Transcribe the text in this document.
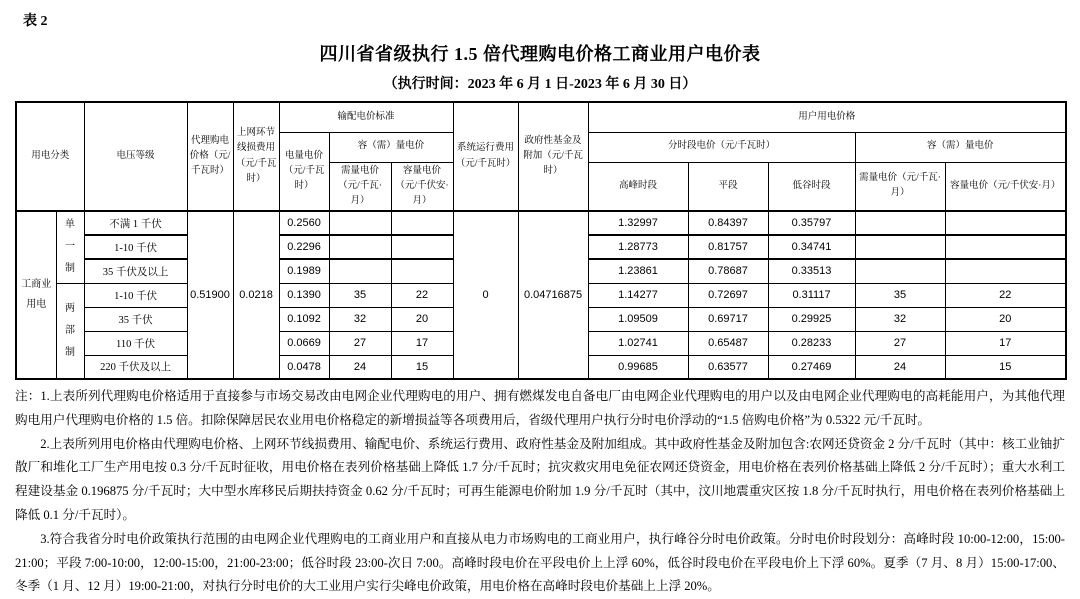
表 2
四川省省级执行 1.5 倍代理购电价格工商业用户电价表
（执行时间：2023 年 6 月 1 日-2023 年 6 月 30 日）
用电分类		电压等级	代理购电价格（元/千瓦时）	上网环节线损费用（元/千瓦时）	输配电价标准			系统运行费用（元/千瓦时）	政府性基金及附加（元/千瓦时）	用户用电价格				
					电量电价（元/千瓦时）	容（需）量电价				分时段电价（元/千瓦时）			容（需）量电价	
						需量电价（元/千瓦·月）	容量电价（元/千伏安·月）			高峰时段	平段	低谷时段	需量电价（元/千瓦·月）	容量电价（元/千伏安·月）
工商业用电	单一制	不满 1 千伏	0.51900	0.0218	0.2560			0	0.04716875	1.32997	0.84397	0.35797		
		1-10 千伏			0.2296					1.28773	0.81757	0.34741		
		35 千伏及以上			0.1989					1.23861	0.78687	0.33513		
	两部制	1-10 千伏			0.1390	35	22			1.14277	0.72697	0.31117	35	22
		35 千伏			0.1092	32	20			1.09509	0.69717	0.29925	32	20
		110 千伏			0.0669	27	17			1.02741	0.65487	0.28233	27	17
		220 千伏及以上			0.0478	24	15			0.99685	0.63577	0.27469	24	15

注：1.上表所列代理购电价格适用于直接参与市场交易改由电网企业代理购电的用户、拥有燃煤发电自备电厂由电网企业代理购电的用户以及由电网企业代理购电的高耗能用户，为其他代理购电用户代理购电价格的 1.5 倍。扣除保障居民农业用电价格稳定的新增损益等各项费用后，省级代理用户执行分时电价浮动的“1.5 倍购电价格”为 0.5322 元/千瓦时。

2.上表所列用电价格由代理购电价格、上网环节线损费用、输配电价、系统运行费用、政府性基金及附加组成。其中政府性基金及附加包含:农网还贷资金 2 分/千瓦时（其中：核工业铀扩散厂和堆化工厂生产用电按 0.3 分/千瓦时征收，用电价格在表列价格基础上降低 1.7 分/千瓦时；抗灾救灾用电免征农网还贷资金，用电价格在表列价格基础上降低 2 分/千瓦时）；重大水利工程建设基金 0.196875 分/千瓦时；大中型水库移民后期扶持资金 0.62 分/千瓦时；可再生能源电价附加 1.9 分/千瓦时（其中，汶川地震重灾区按 1.8 分/千瓦时执行，用电价格在表列价格基础上降低 0.1 分/千瓦时）。

3.符合我省分时电价政策执行范围的由电网企业代理购电的工商业用户和直接从电力市场购电的工商业用户，执行峰谷分时电价政策。分时电价时段划分：高峰时段 10:00-12:00，15:00-21:00；平段 7:00-10:00，12:00-15:00，21:00-23:00；低谷时段 23:00-次日 7:00。高峰时段电价在平段电价上上浮 60%，低谷时段电价在平段电价上下浮 60%。夏季（7 月、8 月）15:00-17:00、冬季（1 月、12 月）19:00-21:00，对执行分时电价的大工业用户实行尖峰电价政策，用电价格在高峰时段电价基础上上浮 20%。
